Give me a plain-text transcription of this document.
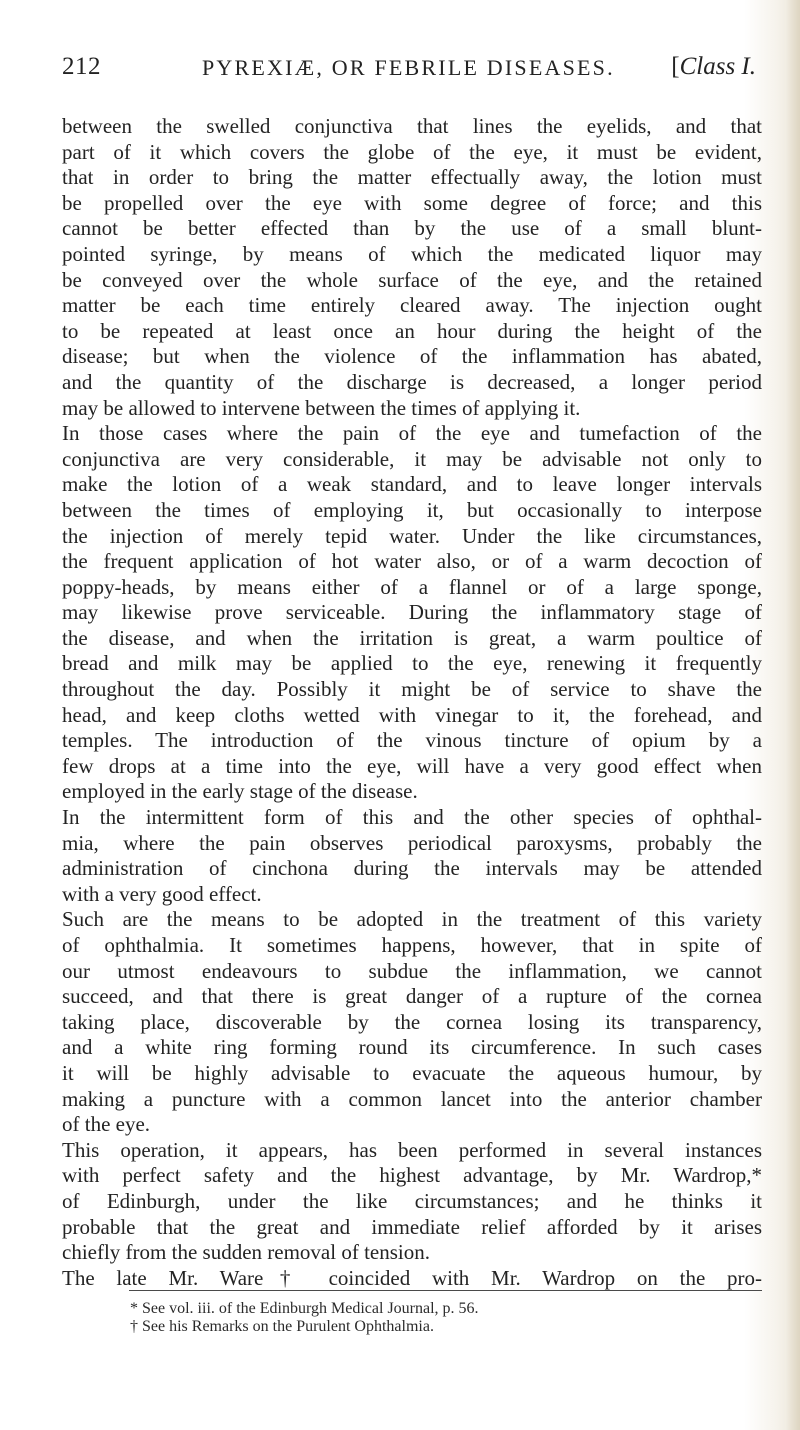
212	PYREXIÆ, OR FEBRILE DISEASES. [Class I.
between the swelled conjunctiva that lines the eyelids, and that
part of it which covers the globe of the eye, it must be evident,
that in order to bring the matter effectually away, the lotion must
be propelled over the eye with some degree of force; and this
cannot be better effected than by the use of a small blunt-
pointed syringe, by means of which the medicated liquor may
be conveyed over the whole surface of the eye, and the retained
matter be each time entirely cleared away. The injection ought
to be repeated at least once an hour during the height of the
disease; but when the violence of the inflammation has abated,
and the quantity of the discharge is decreased, a longer period
may be allowed to intervene between the times of applying it.
In those cases where the pain of the eye and tumefaction of the
conjunctiva are very considerable, it may be advisable not only to
make the lotion of a weak standard, and to leave longer intervals
between the times of employing it, but occasionally to interpose
the injection of merely tepid water. Under the like circumstances,
the frequent application of hot water also, or of a warm decoction of
poppy-heads, by means either of a flannel or of a large sponge,
may likewise prove serviceable. During the inflammatory stage of
the disease, and when the irritation is great, a warm poultice of
bread and milk may be applied to the eye, renewing it frequently
throughout the day. Possibly it might be of service to shave the
head, and keep cloths wetted with vinegar to it, the forehead, and
temples. The introduction of the vinous tincture of opium by a
few drops at a time into the eye, will have a very good effect when
employed in the early stage of the disease.
In the intermittent form of this and the other species of ophthal-
mia, where the pain observes periodical paroxysms, probably the
administration of cinchona during the intervals may be attended
with a very good effect.
Such are the means to be adopted in the treatment of this variety
of ophthalmia. It sometimes happens, however, that in spite of
our utmost endeavours to subdue the inflammation, we cannot
succeed, and that there is great danger of a rupture of the cornea
taking place, discoverable by the cornea losing its transparency,
and a white ring forming round its circumference. In such cases
it will be highly advisable to evacuate the aqueous humour, by
making a puncture with a common lancet into the anterior chamber
of the eye.
This operation, it appears, has been performed in several instances
with perfect safety and the highest advantage, by Mr. Wardrop,*
of Edinburgh, under the like circumstances; and he thinks it
probable that the great and immediate relief afforded by it arises
chiefly from the sudden removal of tension.
The late Mr. Ware† coincided with Mr. Wardrop on the pro-
* See vol. iii. of the Edinburgh Medical Journal, p. 56.
† See his Remarks on the Purulent Ophthalmia.
